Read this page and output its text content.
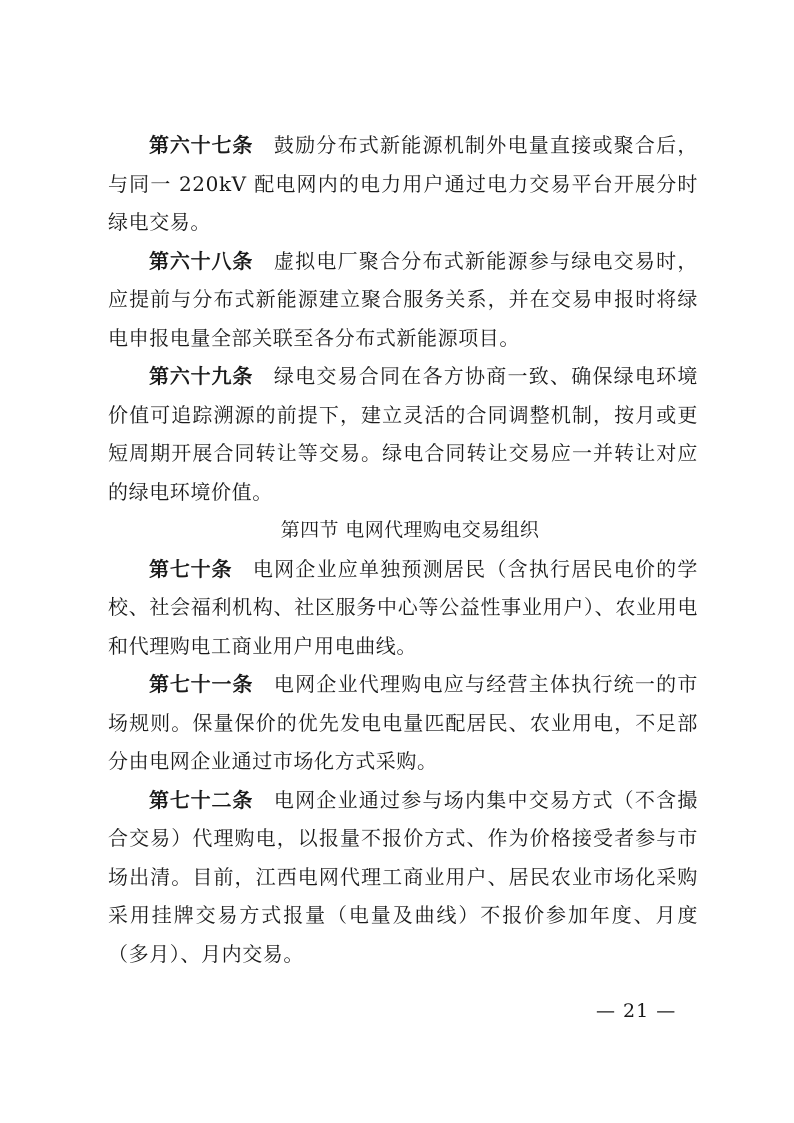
第六十七条 鼓励分布式新能源机制外电量直接或聚合后，与同一 220kV 配电网内的电力用户通过电力交易平台开展分时绿电交易。

第六十八条 虚拟电厂聚合分布式新能源参与绿电交易时，应提前与分布式新能源建立聚合服务关系，并在交易申报时将绿电申报电量全部关联至各分布式新能源项目。

第六十九条 绿电交易合同在各方协商一致、确保绿电环境价值可追踪溯源的前提下，建立灵活的合同调整机制，按月或更短周期开展合同转让等交易。绿电合同转让交易应一并转让对应的绿电环境价值。

第四节 电网代理购电交易组织

第七十条 电网企业应单独预测居民（含执行居民电价的学校、社会福利机构、社区服务中心等公益性事业用户）、农业用电和代理购电工商业用户用电曲线。

第七十一条 电网企业代理购电应与经营主体执行统一的市场规则。保量保价的优先发电电量匹配居民、农业用电，不足部分由电网企业通过市场化方式采购。

第七十二条 电网企业通过参与场内集中交易方式（不含撮合交易）代理购电，以报量不报价方式、作为价格接受者参与市场出清。目前，江西电网代理工商业用户、居民农业市场化采购采用挂牌交易方式报量（电量及曲线）不报价参加年度、月度（多月）、月内交易。

— 21 —
